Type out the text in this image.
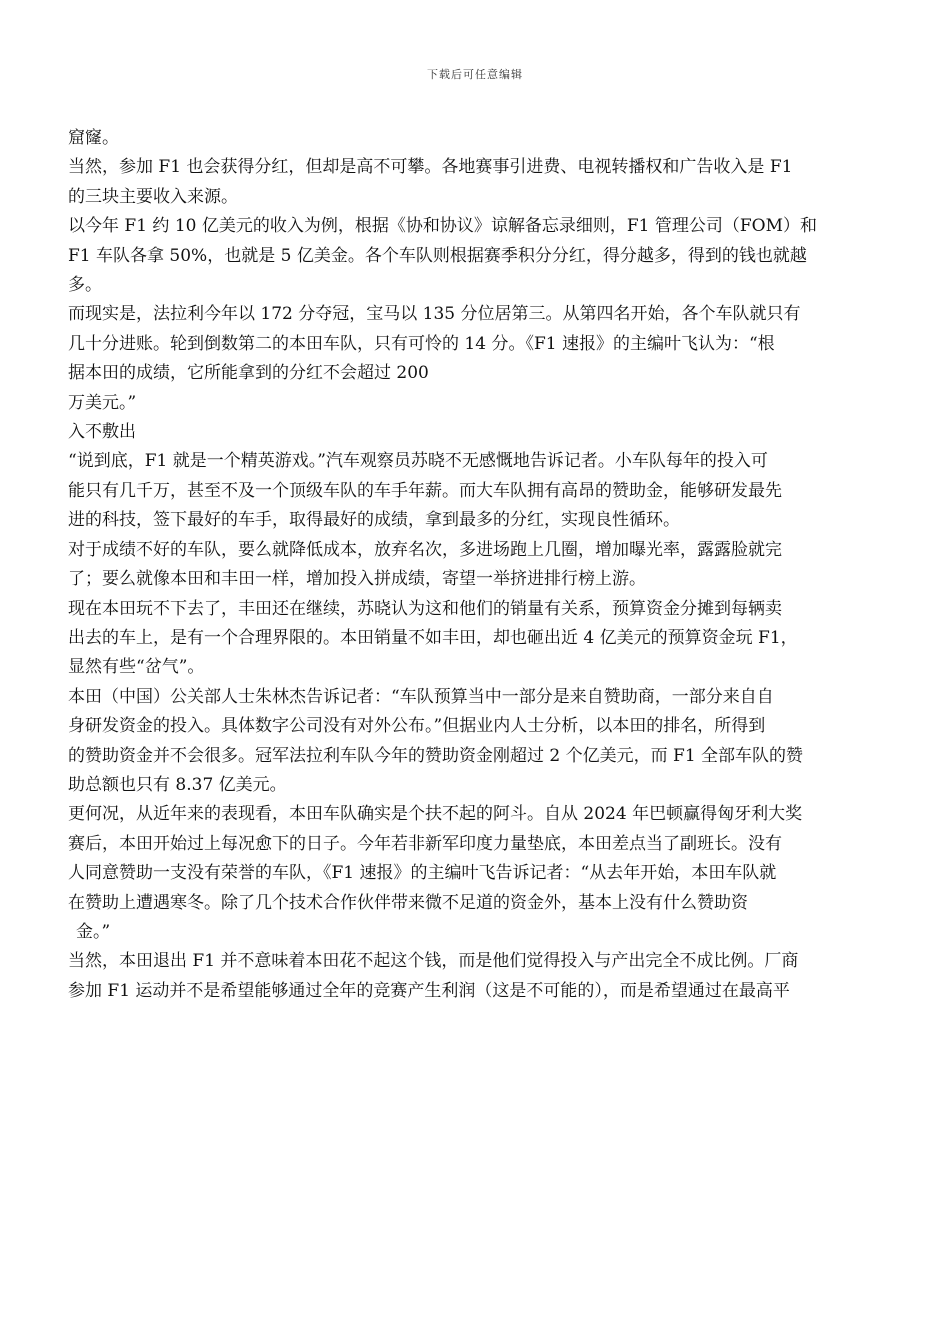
下载后可任意编辑
窟窿。
当然，参加 F1 也会获得分红，但却是高不可攀。各地赛事引进费、电视转播权和广告收入是 F1
的三块主要收入来源。
以今年 F1 约 10 亿美元的收入为例，根据《协和协议》谅解备忘录细则，F1 管理公司（FOM）和
F1 车队各拿 50%，也就是 5 亿美金。各个车队则根据赛季积分分红，得分越多，得到的钱也就越
多。
而现实是，法拉利今年以 172 分夺冠，宝马以 135 分位居第三。从第四名开始，各个车队就只有
几十分进账。轮到倒数第二的本田车队，只有可怜的 14 分。《F1 速报》的主编叶飞认为：“根
据本田的成绩，它所能拿到的分红不会超过 200
万美元。”
入不敷出
“说到底，F1 就是一个精英游戏。”汽车观察员苏晓不无感慨地告诉记者。小车队每年的投入可
能只有几千万，甚至不及一个顶级车队的车手年薪。而大车队拥有高昂的赞助金，能够研发最先
进的科技，签下最好的车手，取得最好的成绩，拿到最多的分红，实现良性循环。
对于成绩不好的车队，要么就降低成本，放弃名次，多进场跑上几圈，增加曝光率，露露脸就完
了；要么就像本田和丰田一样，增加投入拼成绩，寄望一举挤进排行榜上游。
现在本田玩不下去了，丰田还在继续，苏晓认为这和他们的销量有关系，预算资金分摊到每辆卖
出去的车上，是有一个合理界限的。本田销量不如丰田，却也砸出近 4 亿美元的预算资金玩 F1，
显然有些“岔气”。
本田（中国）公关部人士朱林杰告诉记者：“车队预算当中一部分是来自赞助商，一部分来自自
身研发资金的投入。具体数字公司没有对外公布。”但据业内人士分析，以本田的排名，所得到
的赞助资金并不会很多。冠军法拉利车队今年的赞助资金刚超过 2 个亿美元，而 F1 全部车队的赞
助总额也只有 8.37 亿美元。
更何况，从近年来的表现看，本田车队确实是个扶不起的阿斗。自从 2024 年巴顿赢得匈牙利大奖
赛后，本田开始过上每况愈下的日子。今年若非新军印度力量垫底，本田差点当了副班长。没有
人同意赞助一支没有荣誉的车队，《F1 速报》的主编叶飞告诉记者：“从去年开始，本田车队就
在赞助上遭遇寒冬。除了几个技术合作伙伴带来微不足道的资金外，基本上没有什么赞助资
金。”
当然，本田退出 F1 并不意味着本田花不起这个钱，而是他们觉得投入与产出完全不成比例。厂商
参加 F1 运动并不是希望能够通过全年的竞赛产生利润（这是不可能的），而是希望通过在最高平
